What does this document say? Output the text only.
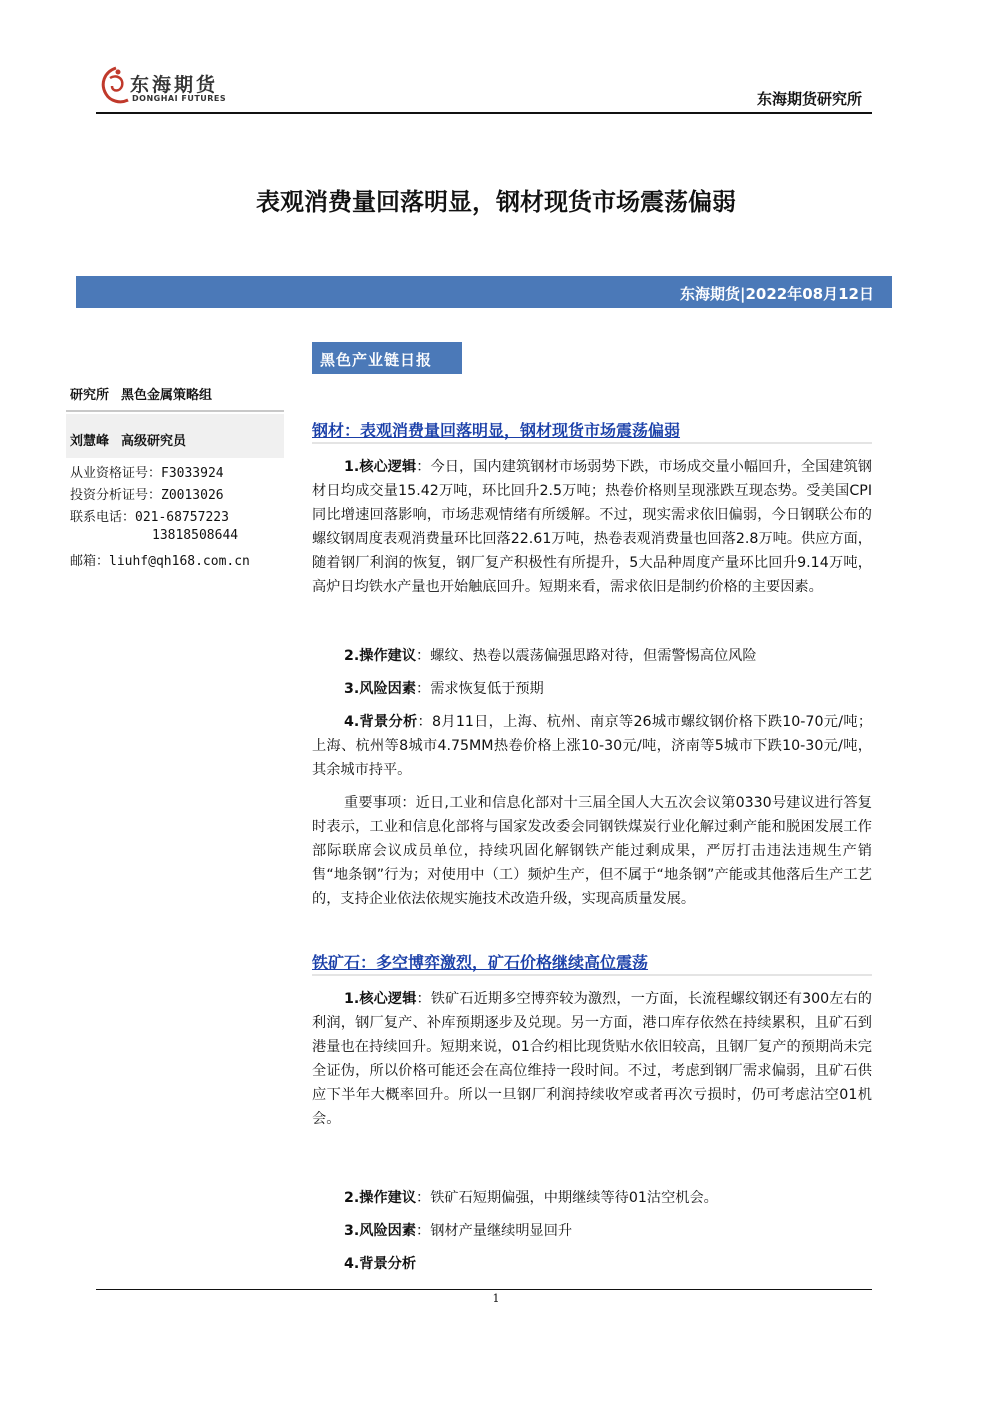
东海期货
DONGHAI FUTURES	东海期货研究所
表观消费量回落明显，钢材现货市场震荡偏弱
东海期货|2022年08月12日
黑色产业链日报
研究所 黑色金属策略组
刘慧峰 高级研究员
从业资格证号：F3033924
投资分析证号：Z0013026
联系电话：021-68757223
13818508644
邮箱：liuhf@qh168.com.cn
钢材：表观消费量回落明显，钢材现货市场震荡偏弱
1.核心逻辑：今日，国内建筑钢材市场弱势下跌，市场成交量小幅回升，全国建筑钢材日均成交量15.42万吨，环比回升2.5万吨；热卷价格则呈现涨跌互现态势。受美国CPI同比增速回落影响，市场悲观情绪有所缓解。不过，现实需求依旧偏弱，今日钢联公布的螺纹钢周度表观消费量环比回落22.61万吨，热卷表观消费量也回落2.8万吨。供应方面，随着钢厂利润的恢复，钢厂复产积极性有所提升，5大品种周度产量环比回升9.14万吨，高炉日均铁水产量也开始触底回升。短期来看，需求依旧是制约价格的主要因素。
2.操作建议：螺纹、热卷以震荡偏强思路对待，但需警惕高位风险
3.风险因素：需求恢复低于预期
4.背景分析：8月11日，上海、杭州、南京等26城市螺纹钢价格下跌10-70元/吨；上海、杭州等8城市4.75MM热卷价格上涨10-30元/吨，济南等5城市下跌10-30元/吨，其余城市持平。
重要事项：近日,工业和信息化部对十三届全国人大五次会议第0330号建议进行答复时表示，工业和信息化部将与国家发改委会同钢铁煤炭行业化解过剩产能和脱困发展工作部际联席会议成员单位，持续巩固化解钢铁产能过剩成果，严厉打击违法违规生产销售“地条钢”行为；对使用中（工）频炉生产，但不属于“地条钢”产能或其他落后生产工艺的，支持企业依法依规实施技术改造升级，实现高质量发展。
铁矿石：多空博弈激烈，矿石价格继续高位震荡
1.核心逻辑：铁矿石近期多空博弈较为激烈，一方面，长流程螺纹钢还有300左右的利润，钢厂复产、补库预期逐步及兑现。另一方面，港口库存依然在持续累积，且矿石到港量也在持续回升。短期来说，01合约相比现货贴水依旧较高，且钢厂复产的预期尚未完全证伪，所以价格可能还会在高位维持一段时间。不过，考虑到钢厂需求偏弱，且矿石供应下半年大概率回升。所以一旦钢厂利润持续收窄或者再次亏损时，仍可考虑沽空01机会。
2.操作建议：铁矿石短期偏强，中期继续等待01沽空机会。
3.风险因素：钢材产量继续明显回升
4.背景分析
1
